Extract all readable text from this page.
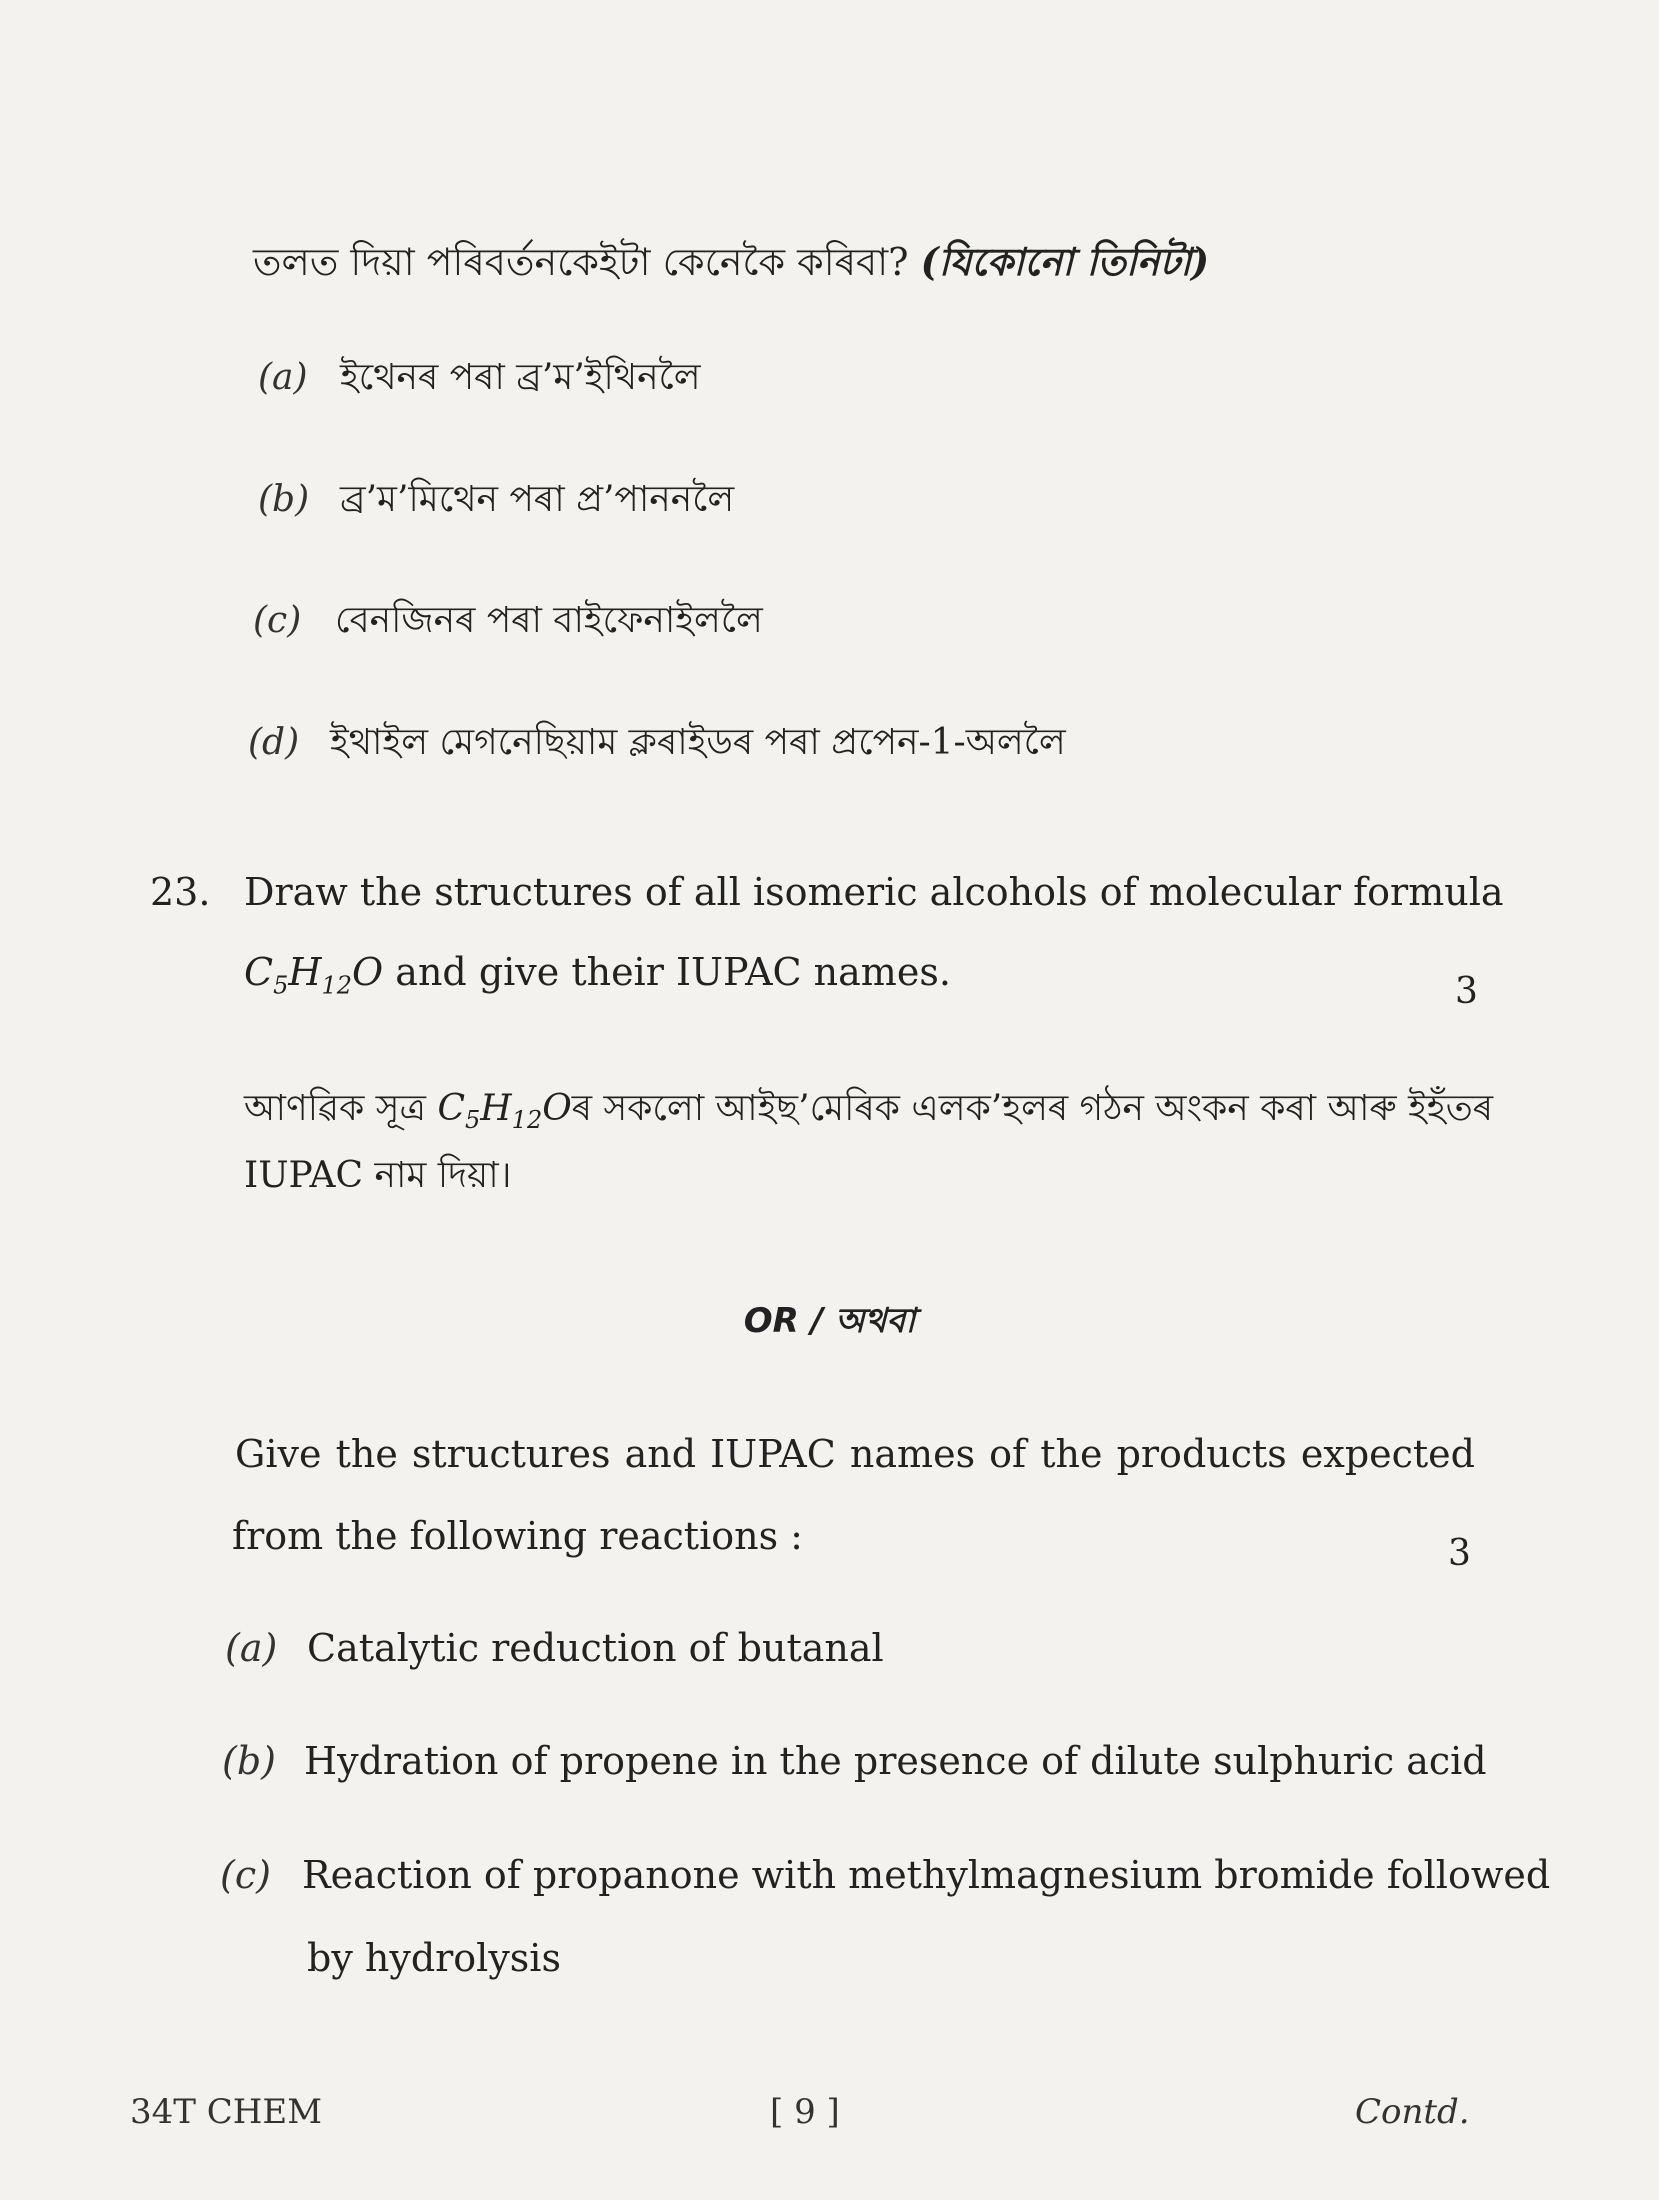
তলত দিয়া পৰিবৰ্তনকেইটা কেনেকৈ কৰিবা? (যিকোনো তিনিটা)
(a) ইথেনৰ পৰা ব্ৰ’ম’ইথিনলৈ
(b) ব্ৰ’ম’মিথেন পৰা প্ৰ’পাননলৈ
(c) বেনজিনৰ পৰা বাইফেনাইললৈ
(d) ইথাইল মেগনেছিয়াম ক্লৰাইডৰ পৰা প্ৰপেন-1-অললৈ
23. Draw the structures of all isomeric alcohols of molecular formula
$C_5H_{12}O$ and give their IUPAC names.	3
আণৱিক সূত্ৰ $C_5H_{12}Oৰ$ সকলো আইছ’মেৰিক এলক’হলৰ গঠন অংকন কৰা আৰু ইহঁতৰ
IUPAC নাম দিয়া।
OR / অথবা
Give the structures and IUPAC names of the products expected
from the following reactions :	3
(a) Catalytic reduction of butanal
(b) Hydration of propene in the presence of dilute sulphuric acid
(c) Reaction of propanone with methylmagnesium bromide followed
by hydrolysis
34T CHEM	[ 9 ]	Contd.
